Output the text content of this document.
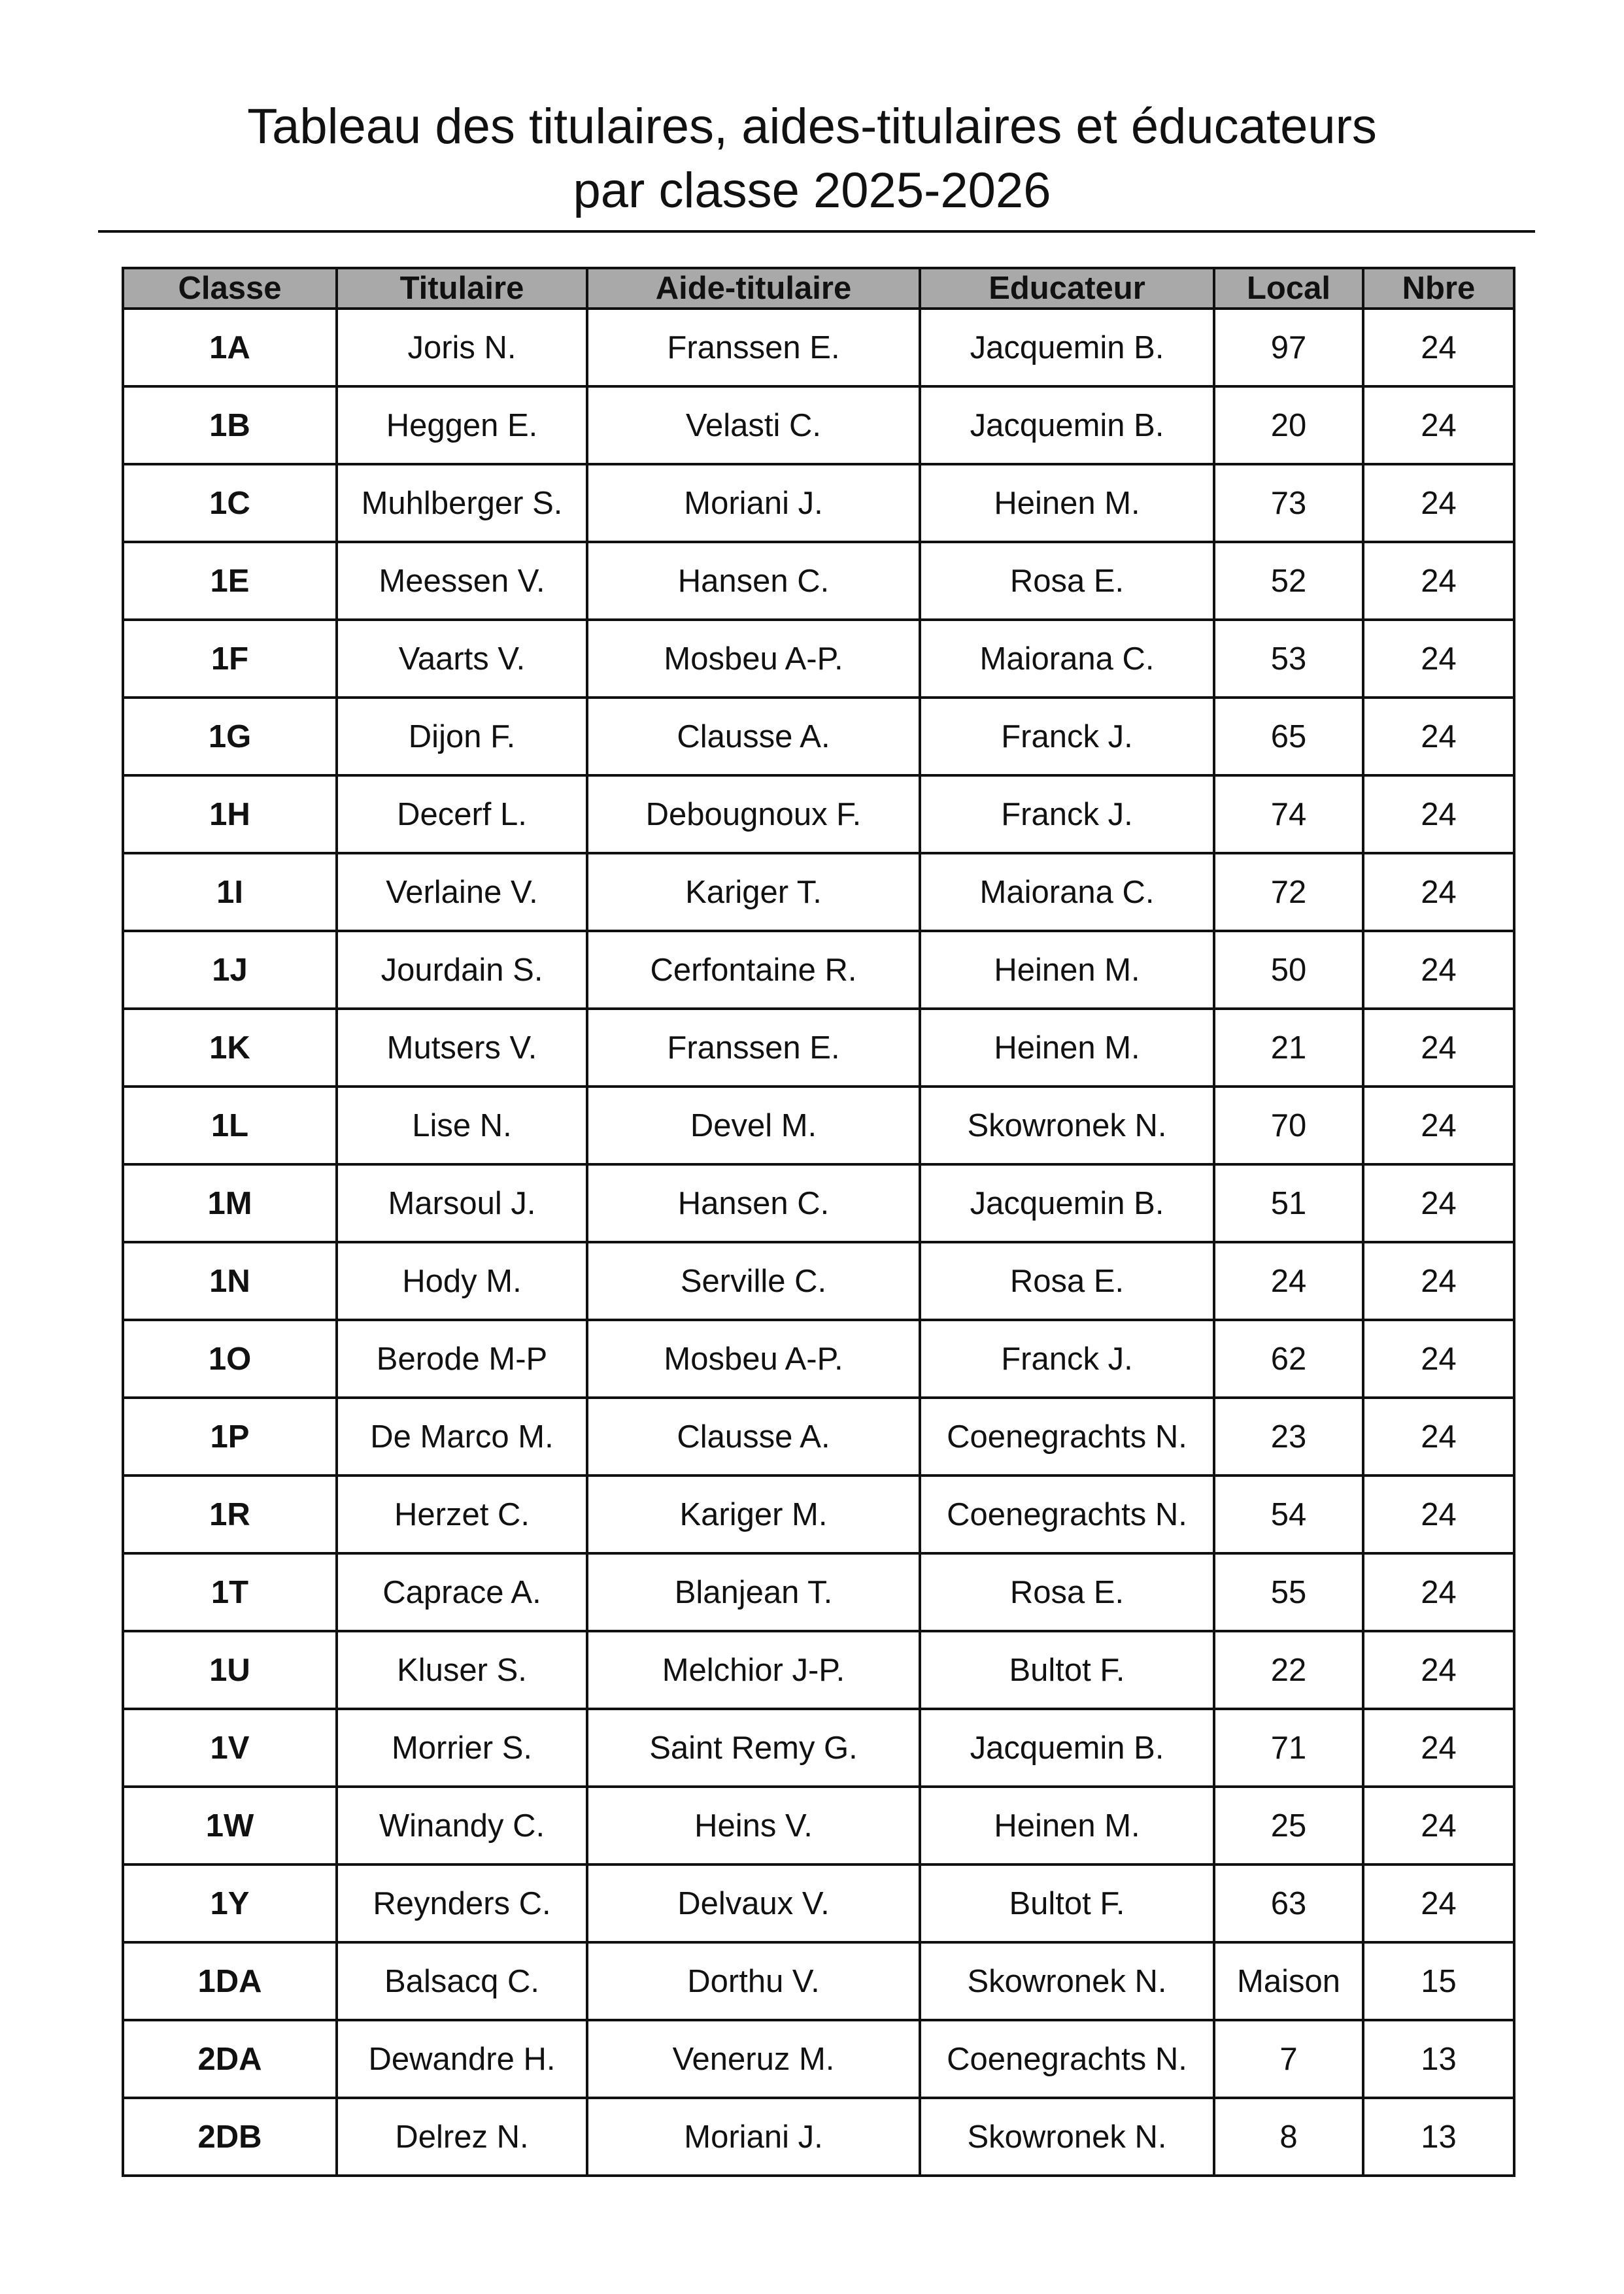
Tableau des titulaires, aides-titulaires et éducateurs
par classe 2025-2026
Classe	Titulaire	Aide-titulaire	Educateur	Local	Nbre
1A	Joris N.	Franssen E.	Jacquemin B.	97	24
1B	Heggen E.	Velasti C.	Jacquemin B.	20	24
1C	Muhlberger S.	Moriani J.	Heinen M.	73	24
1E	Meessen V.	Hansen C.	Rosa E.	52	24
1F	Vaarts V.	Mosbeu A-P.	Maiorana C.	53	24
1G	Dijon F.	Clausse A.	Franck J.	65	24
1H	Decerf L.	Debougnoux F.	Franck J.	74	24
1I	Verlaine V.	Kariger T.	Maiorana C.	72	24
1J	Jourdain S.	Cerfontaine R.	Heinen M.	50	24
1K	Mutsers V.	Franssen E.	Heinen M.	21	24
1L	Lise N.	Devel M.	Skowronek N.	70	24
1M	Marsoul J.	Hansen C.	Jacquemin B.	51	24
1N	Hody M.	Serville C.	Rosa E.	24	24
1O	Berode M-P	Mosbeu A-P.	Franck J.	62	24
1P	De Marco M.	Clausse A.	Coenegrachts N.	23	24
1R	Herzet C.	Kariger M.	Coenegrachts N.	54	24
1T	Caprace A.	Blanjean T.	Rosa E.	55	24
1U	Kluser S.	Melchior J-P.	Bultot F.	22	24
1V	Morrier S.	Saint Remy G.	Jacquemin B.	71	24
1W	Winandy C.	Heins V.	Heinen M.	25	24
1Y	Reynders C.	Delvaux V.	Bultot F.	63	24
1DA	Balsacq C.	Dorthu V.	Skowronek N.	Maison	15
2DA	Dewandre H.	Veneruz M.	Coenegrachts N.	7	13
2DB	Delrez N.	Moriani J.	Skowronek N.	8	13
